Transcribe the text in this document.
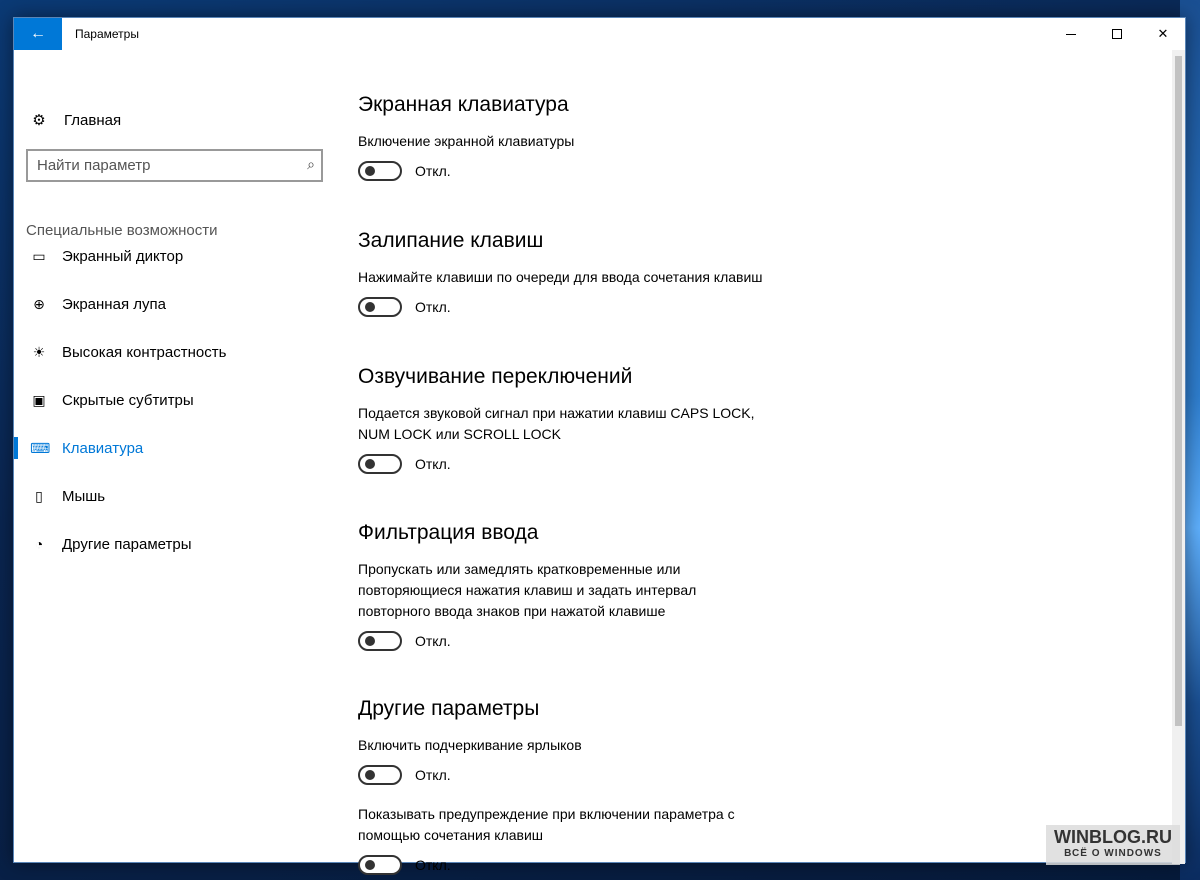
← Параметры	✕
⚙ Главная
Найти параметр
⌕
Специальные возможности
▭ Экранный диктор
⊕ Экранная лупа
☀ Высокая контрастность
▣ Скрытые субтитры
⌨ Клавиатура
▯	Мышь
◔	Другие параметры
Экранная клавиатура

Включение экранной клавиатуры

Откл.
Залипание клавиш

Нажимайте клавиши по очереди для ввода сочетания клавиш

Откл.
Озвучивание переключений

Подается звуковой сигнал при нажатии клавиш CAPS LOCK, NUM LOCK или SCROLL LOCK

Откл.
Фильтрация ввода

Пропускать или замедлять кратковременные или повторяющиеся нажатия клавиш и задать интервал повторного ввода знаков при нажатой клавише

Откл.
Другие параметры

Включить подчеркивание ярлыков

Откл.

Показывать предупреждение при включении параметра с помощью сочетания клавиш

Откл.
WINBLOG.RU
ВСЁ О WINDOWS
